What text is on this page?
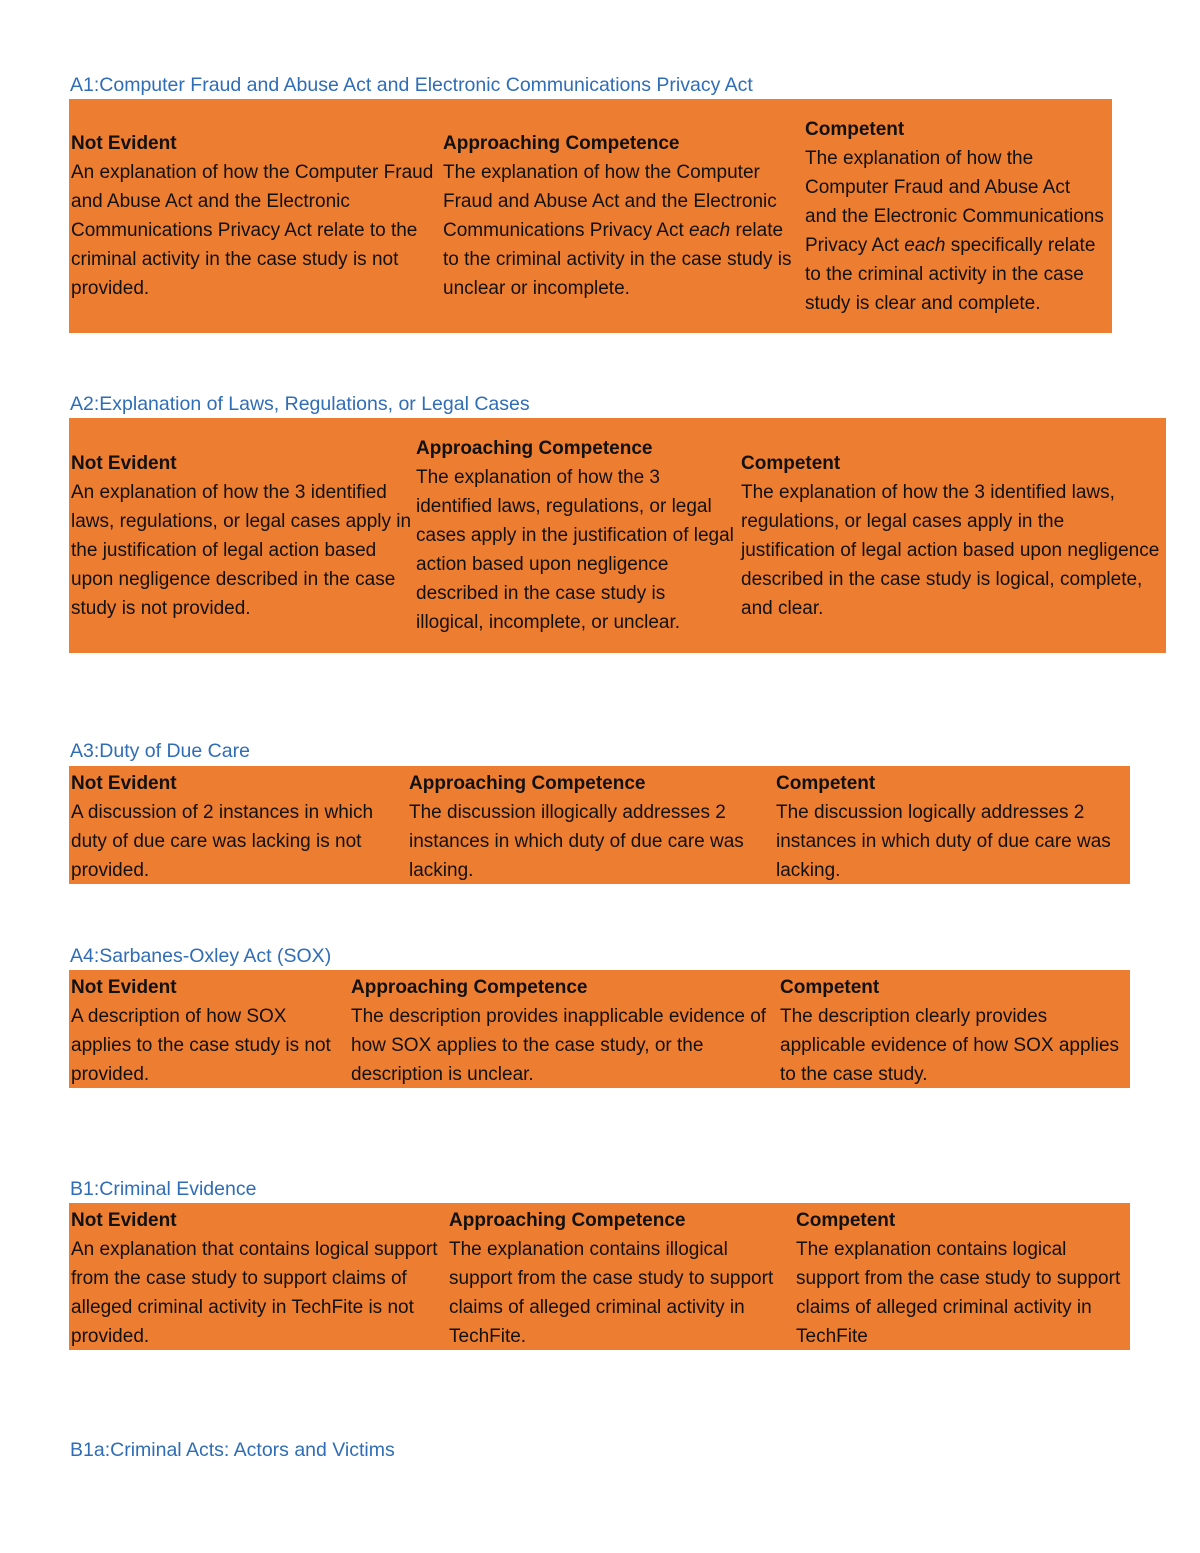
A1:Computer Fraud and Abuse Act and Electronic Communications Privacy Act
Not Evident
An explanation of how the Computer Fraud and Abuse Act and the Electronic Communications Privacy Act relate to the criminal activity in the case study is not provided.
Approaching Competence
The explanation of how the Computer Fraud and Abuse Act and the Electronic Communications Privacy Act each relate to the criminal activity in the case study is unclear or incomplete.
Competent
The explanation of how the Computer Fraud and Abuse Act and the Electronic Communications Privacy Act each specifically relate to the criminal activity in the case study is clear and complete.
A2:Explanation of Laws, Regulations, or Legal Cases
Not Evident
An explanation of how the 3 identified laws, regulations, or legal cases apply in the justification of legal action based upon negligence described in the case study is not provided.
Approaching Competence
The explanation of how the 3 identified laws, regulations, or legal cases apply in the justification of legal action based upon negligence described in the case study is illogical, incomplete, or unclear.
Competent
The explanation of how the 3 identified laws, regulations, or legal cases apply in the justification of legal action based upon negligence described in the case study is logical, complete, and clear.
A3:Duty of Due Care
Not Evident
A discussion of 2 instances in which duty of due care was lacking is not provided.
Approaching Competence
The discussion illogically addresses 2 instances in which duty of due care was lacking.
Competent
The discussion logically addresses 2 instances in which duty of due care was lacking.
A4:Sarbanes-Oxley Act (SOX)
Not Evident
A description of how SOX applies to the case study is not provided.
Approaching Competence
The description provides inapplicable evidence of how SOX applies to the case study, or the description is unclear.
Competent
The description clearly provides applicable evidence of how SOX applies to the case study.
B1:Criminal Evidence
Not Evident
An explanation that contains logical support from the case study to support claims of alleged criminal activity in TechFite is not provided.
Approaching Competence
The explanation contains illogical support from the case study to support claims of alleged criminal activity in TechFite.
Competent
The explanation contains logical support from the case study to support claims of alleged criminal activity in TechFite
B1a:Criminal Acts: Actors and Victims
